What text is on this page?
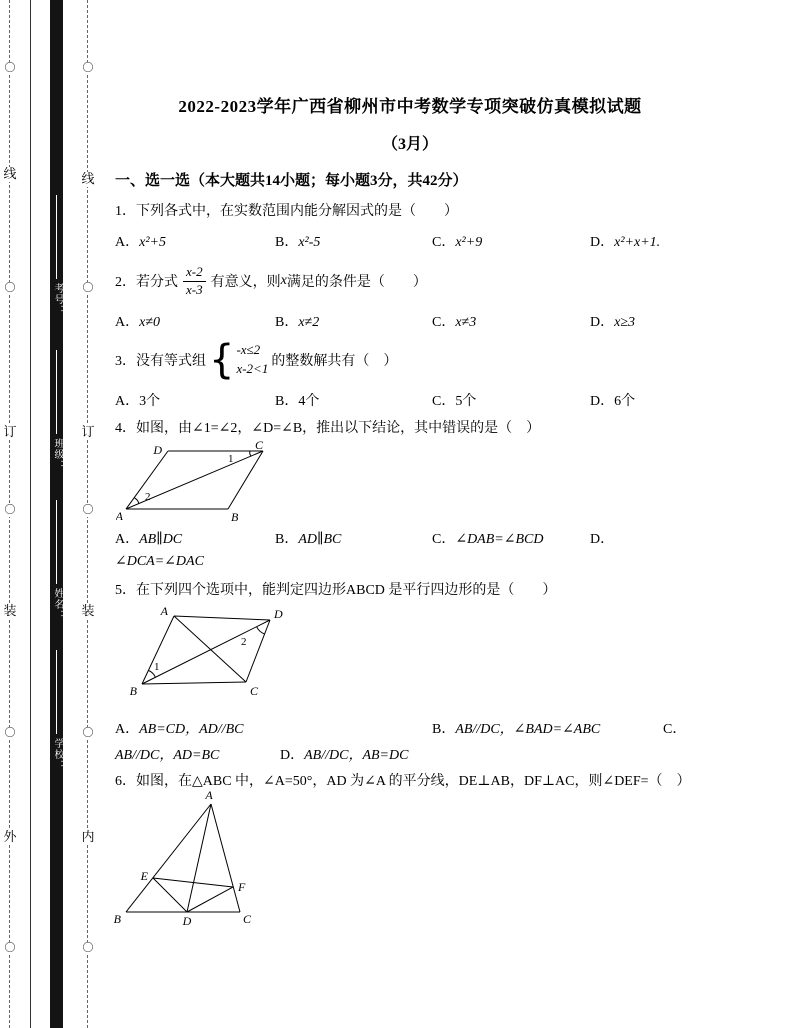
〇
线
〇
订
〇
装
〇
外
〇
考号：
班级：
姓名：
学校：
〇
线
〇
订
〇
装
〇
内
〇
2022-2023学年广西省柳州市中考数学专项突破仿真模拟试题
（3月）
一、选一选（本大题共14小题；每小题3分，共42分）
1．下列各式中，在实数范围内能分解因式的是（　　）
A．x²+5	B．x²-5	C．x²+9	D．x²+x+1.
2．若分式 $\frac{x-2}{x-3}$ 有意义，则 x 满足的条件是（　　）
A．x≠0	B．x≠2	C．x≠3	D．x≥3
3．没有等式组 { -x≤2
x-2<1 的整数解共有（　）
A．3个	B．4个	C．5个	D．6个
4．如图，由∠1=∠2，∠D=∠B，推出以下结论，其中错误的是（　）
D	C
A	B
1
2
A．AB∥DC	B．AD∥BC	C．∠DAB=∠BCD	D．
∠DCA=∠DAC
5．在下列四个选项中，能判定四边形ABCD 是平行四边形的是（　　）
A	D
B	C
1
2
A．AB=CD，AD//BC	B．AB//DC，∠BAD=∠ABC	C．
AB//DC，AD=BC	D．AB//DC，AB=DC
6．如图，在△ABC 中，∠A=50°，AD 为∠A 的平分线，DE⊥AB，DF⊥AC，则∠DEF=（　）
A
B	C
D
E
F
